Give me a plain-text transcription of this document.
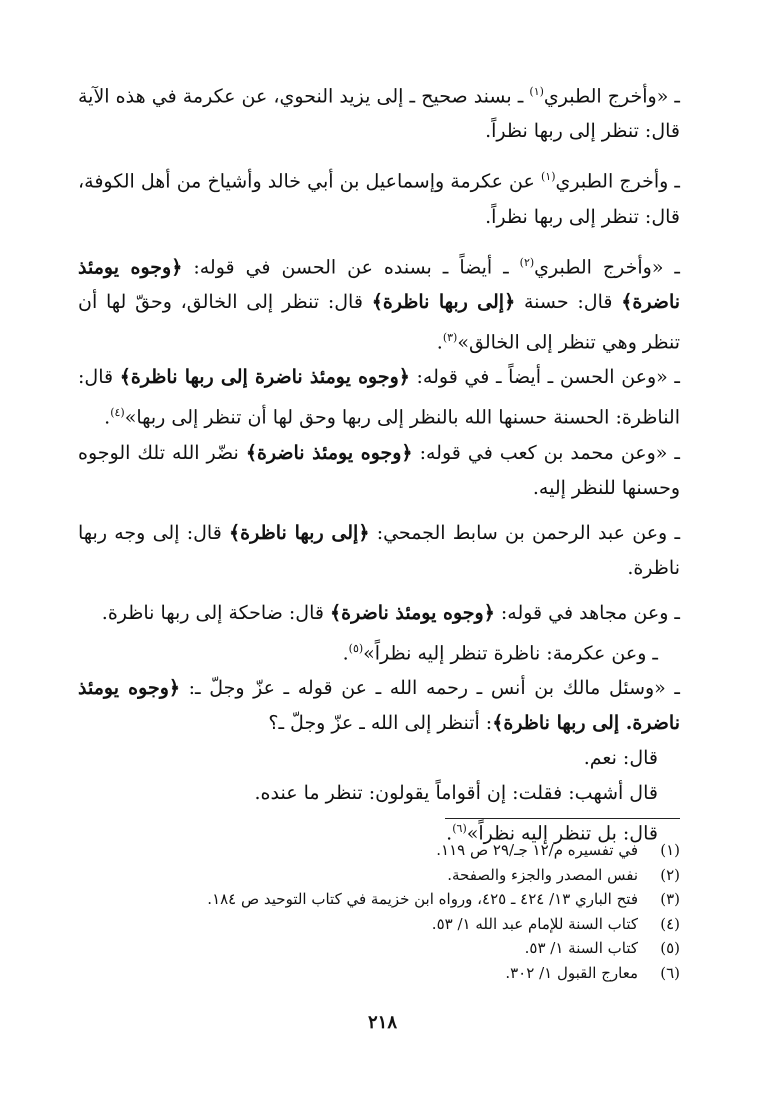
ـ «وأخرج الطبري$^{(١)}$ ـ بسند صحيح ـ إلى يزيد النحوي، عن عكرمة في هذه الآية قال: تنظر إلى ربها نظراً.

ـ وأخرج الطبري$^{(١)}$ عن عكرمة وإسماعيل بن أبي خالد وأشياخ من أهل الكوفة، قال: تنظر إلى ربها نظراً.

ـ «وأخرج الطبري$^{(٢)}$ ـ أيضاً ـ بسنده عن الحسن في قوله: ﴿وجوه يومئذ ناضرة﴾ قال: حسنة ﴿إلى ربها ناظرة﴾ قال: تنظر إلى الخالق، وحقّ لها أن تنظر وهي تنظر إلى الخالق»$^{(٣)}$.

ـ «وعن الحسن ـ أيضاً ـ في قوله: ﴿وجوه يومئذ ناضرة إلى ربها ناظرة﴾ قال: الناظرة: الحسنة حسنها الله بالنظر إلى ربها وحق لها أن تنظر إلى ربها»$^{(٤)}$.

ـ «وعن محمد بن كعب في قوله: ﴿وجوه يومئذ ناضرة﴾ نضّر الله تلك الوجوه وحسنها للنظر إليه.

ـ وعن عبد الرحمن بن سابط الجمحي: ﴿إلى ربها ناظرة﴾ قال: إلى وجه ربها ناظرة.

ـ وعن مجاهد في قوله: ﴿وجوه يومئذ ناضرة﴾ قال: ضاحكة إلى ربها ناظرة.

ـ وعن عكرمة: ناظرة تنظر إليه نظراً»$^{(٥)}$.

ـ «وسئل مالك بن أنس ـ رحمه الله ـ عن قوله ـ عزّ وجلّ ـ: ﴿وجوه يومئذ ناضرة. إلى ربها ناظرة﴾: أتنظر إلى الله ـ عزّ وجلّ ـ؟

قال: نعم.

قال أشهب: فقلت: إن أقواماً يقولون: تنظر ما عنده.

قال: بل تنظر إليه نظراً»$^{(٦)}$.

(١)
في تفسيره م/١٢ جـ/٢٩ ص ١١٩.
(٢)
نفس المصدر والجزء والصفحة.
(٣)
فتح الباري ١٣/ ٤٢٤ ـ ٤٢٥، ورواه ابن خزيمة في كتاب التوحيد ص ١٨٤.
(٤)
كتاب السنة للإمام عبد الله ١/ ٥٣.
(٥)
كتاب السنة ١/ ٥٣.
(٦)
معارج القبول ١/ ٣٠٢.
٢١٨
